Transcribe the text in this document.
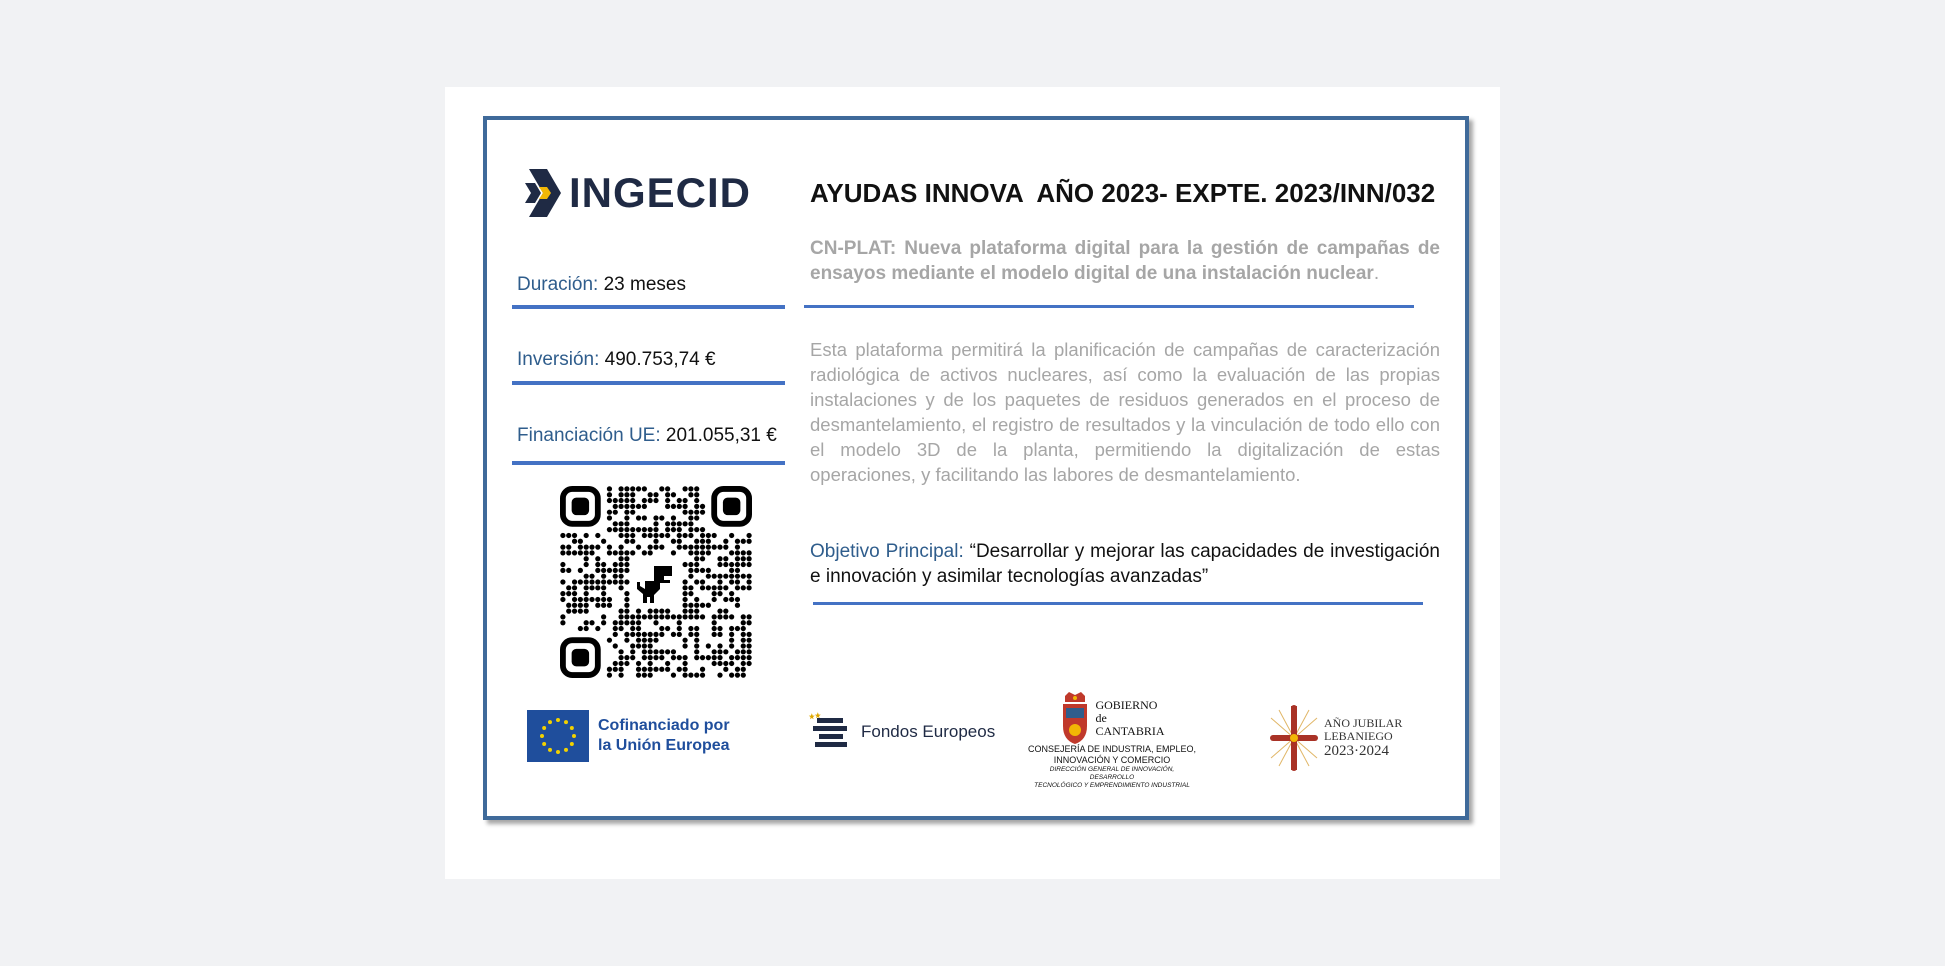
INGECID
Duración: 23 meses
Inversión: 490.753,74 €
Financiación UE: 201.055,31 €
AYUDAS INNOVA  AÑO 2023- EXPTE. 2023/INN/032
CN-PLAT: Nueva plataforma digital para la gestión de campañas de ensayos mediante el modelo digital de una instalación nuclear.
Esta plataforma permitirá la planificación de campañas de caracterización radiológica de activos nucleares, así como la evaluación de las propias instalaciones y de los paquetes de residuos generados en el proceso de desmantelamiento, el registro de resultados y la vinculación de todo ello con el modelo 3D de la planta, permitiendo la digitalización de estas operaciones, y facilitando las labores de desmantelamiento.
Objetivo Principal: “Desarrollar y mejorar las capacidades de investigación e innovación y asimilar tecnologías avanzadas”
Cofinanciado por
la Unión Europea
Fondos Europeos
GOBIERNO
de
CANTABRIA
CONSEJERÍA DE INDUSTRIA, EMPLEO,
INNOVACIÓN Y COMERCIO
DIRECCIÓN GENERAL DE INNOVACIÓN, DESARROLLO
TECNOLÓGICO Y EMPRENDIMIENTO INDUSTRIAL
AÑO JUBILAR
LEBANIEGO
2023·2024
